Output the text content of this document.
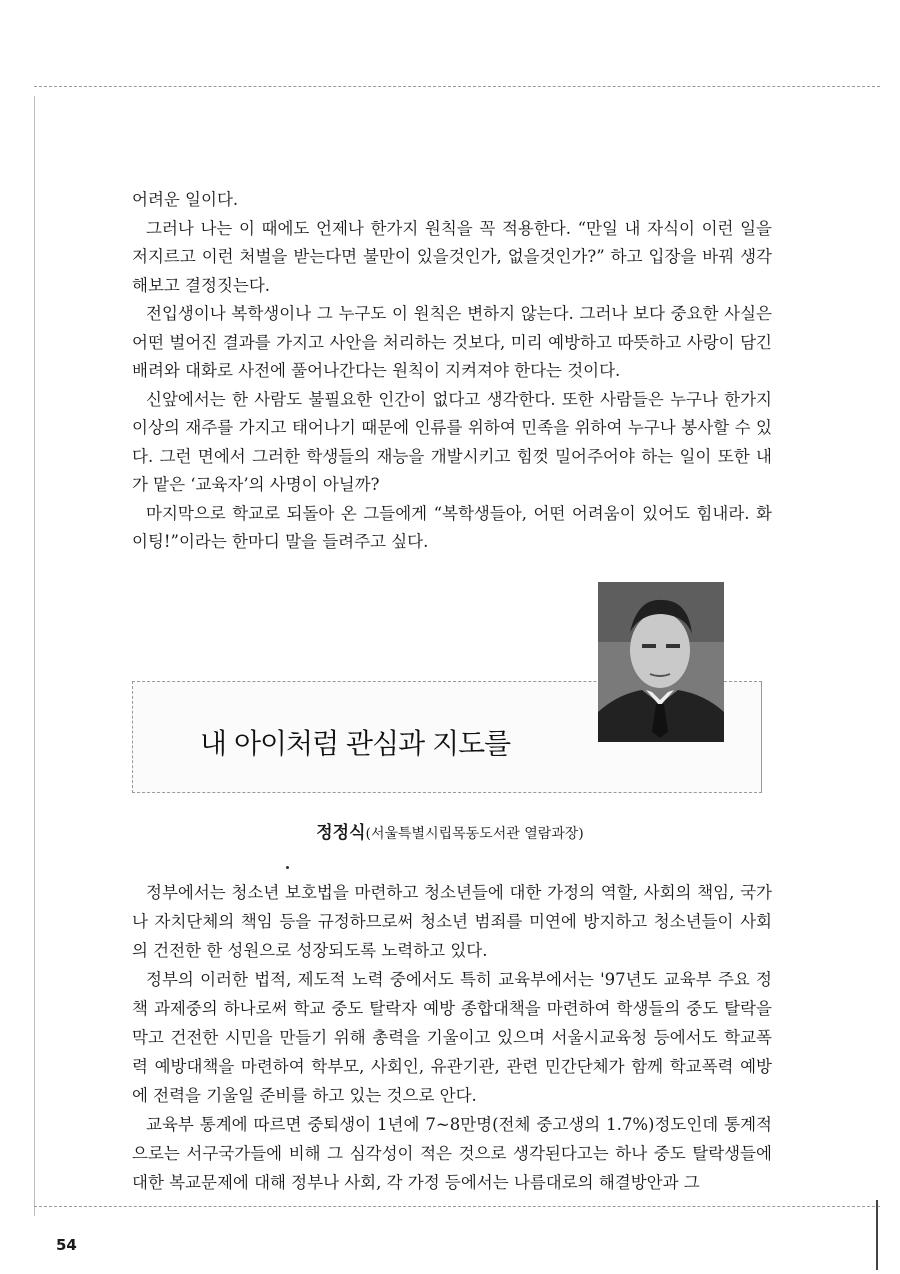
어려운 일이다.

그러나 나는 이 때에도 언제나 한가지 원칙을 꼭 적용한다. “만일 내 자식이 이런 일을 저지르고 이런 처벌을 받는다면 불만이 있을것인가, 없을것인가?” 하고 입장을 바꿔 생각해보고 결정짓는다.

전입생이나 복학생이나 그 누구도 이 원칙은 변하지 않는다. 그러나 보다 중요한 사실은 어떤 벌어진 결과를 가지고 사안을 처리하는 것보다, 미리 예방하고 따뜻하고 사랑이 담긴 배려와 대화로 사전에 풀어나간다는 원칙이 지켜져야 한다는 것이다.

신앞에서는 한 사람도 불필요한 인간이 없다고 생각한다. 또한 사람들은 누구나 한가지 이상의 재주를 가지고 태어나기 때문에 인류를 위하여 민족을 위하여 누구나 봉사할 수 있다. 그런 면에서 그러한 학생들의 재능을 개발시키고 힘껏 밀어주어야 하는 일이 또한 내가 맡은 ‘교육자’의 사명이 아닐까?

마지막으로 학교로 되돌아 온 그들에게 “복학생들아, 어떤 어려움이 있어도 힘내라. 화이팅!”이라는 한마디 말을 들려주고 싶다.

내 아이처럼 관심과 지도를
정정식(서울특별시립목동도서관 열람과장)

정부에서는 청소년 보호법을 마련하고 청소년들에 대한 가정의 역할, 사회의 책임, 국가나 자치단체의 책임 등을 규정하므로써 청소년 범죄를 미연에 방지하고 청소년들이 사회의 건전한 한 성원으로 성장되도록 노력하고 있다.

정부의 이러한 법적, 제도적 노력 중에서도 특히 교육부에서는 '97년도 교육부 주요 정책 과제중의 하나로써 학교 중도 탈락자 예방 종합대책을 마련하여 학생들의 중도 탈락을 막고 건전한 시민을 만들기 위해 총력을 기울이고 있으며 서울시교육청 등에서도 학교폭력 예방대책을 마련하여 학부모, 사회인, 유관기관, 관련 민간단체가 함께 학교폭력 예방에 전력을 기울일 준비를 하고 있는 것으로 안다.

교육부 통계에 따르면 중퇴생이 1년에 7~8만명(전체 중고생의 1.7%)정도인데 통계적으로는 서구국가들에 비해 그 심각성이 적은 것으로 생각된다고는 하나 중도 탈락생들에 대한 복교문제에 대해 정부나 사회, 각 가정 등에서는 나름대로의 해결방안과 그

54
